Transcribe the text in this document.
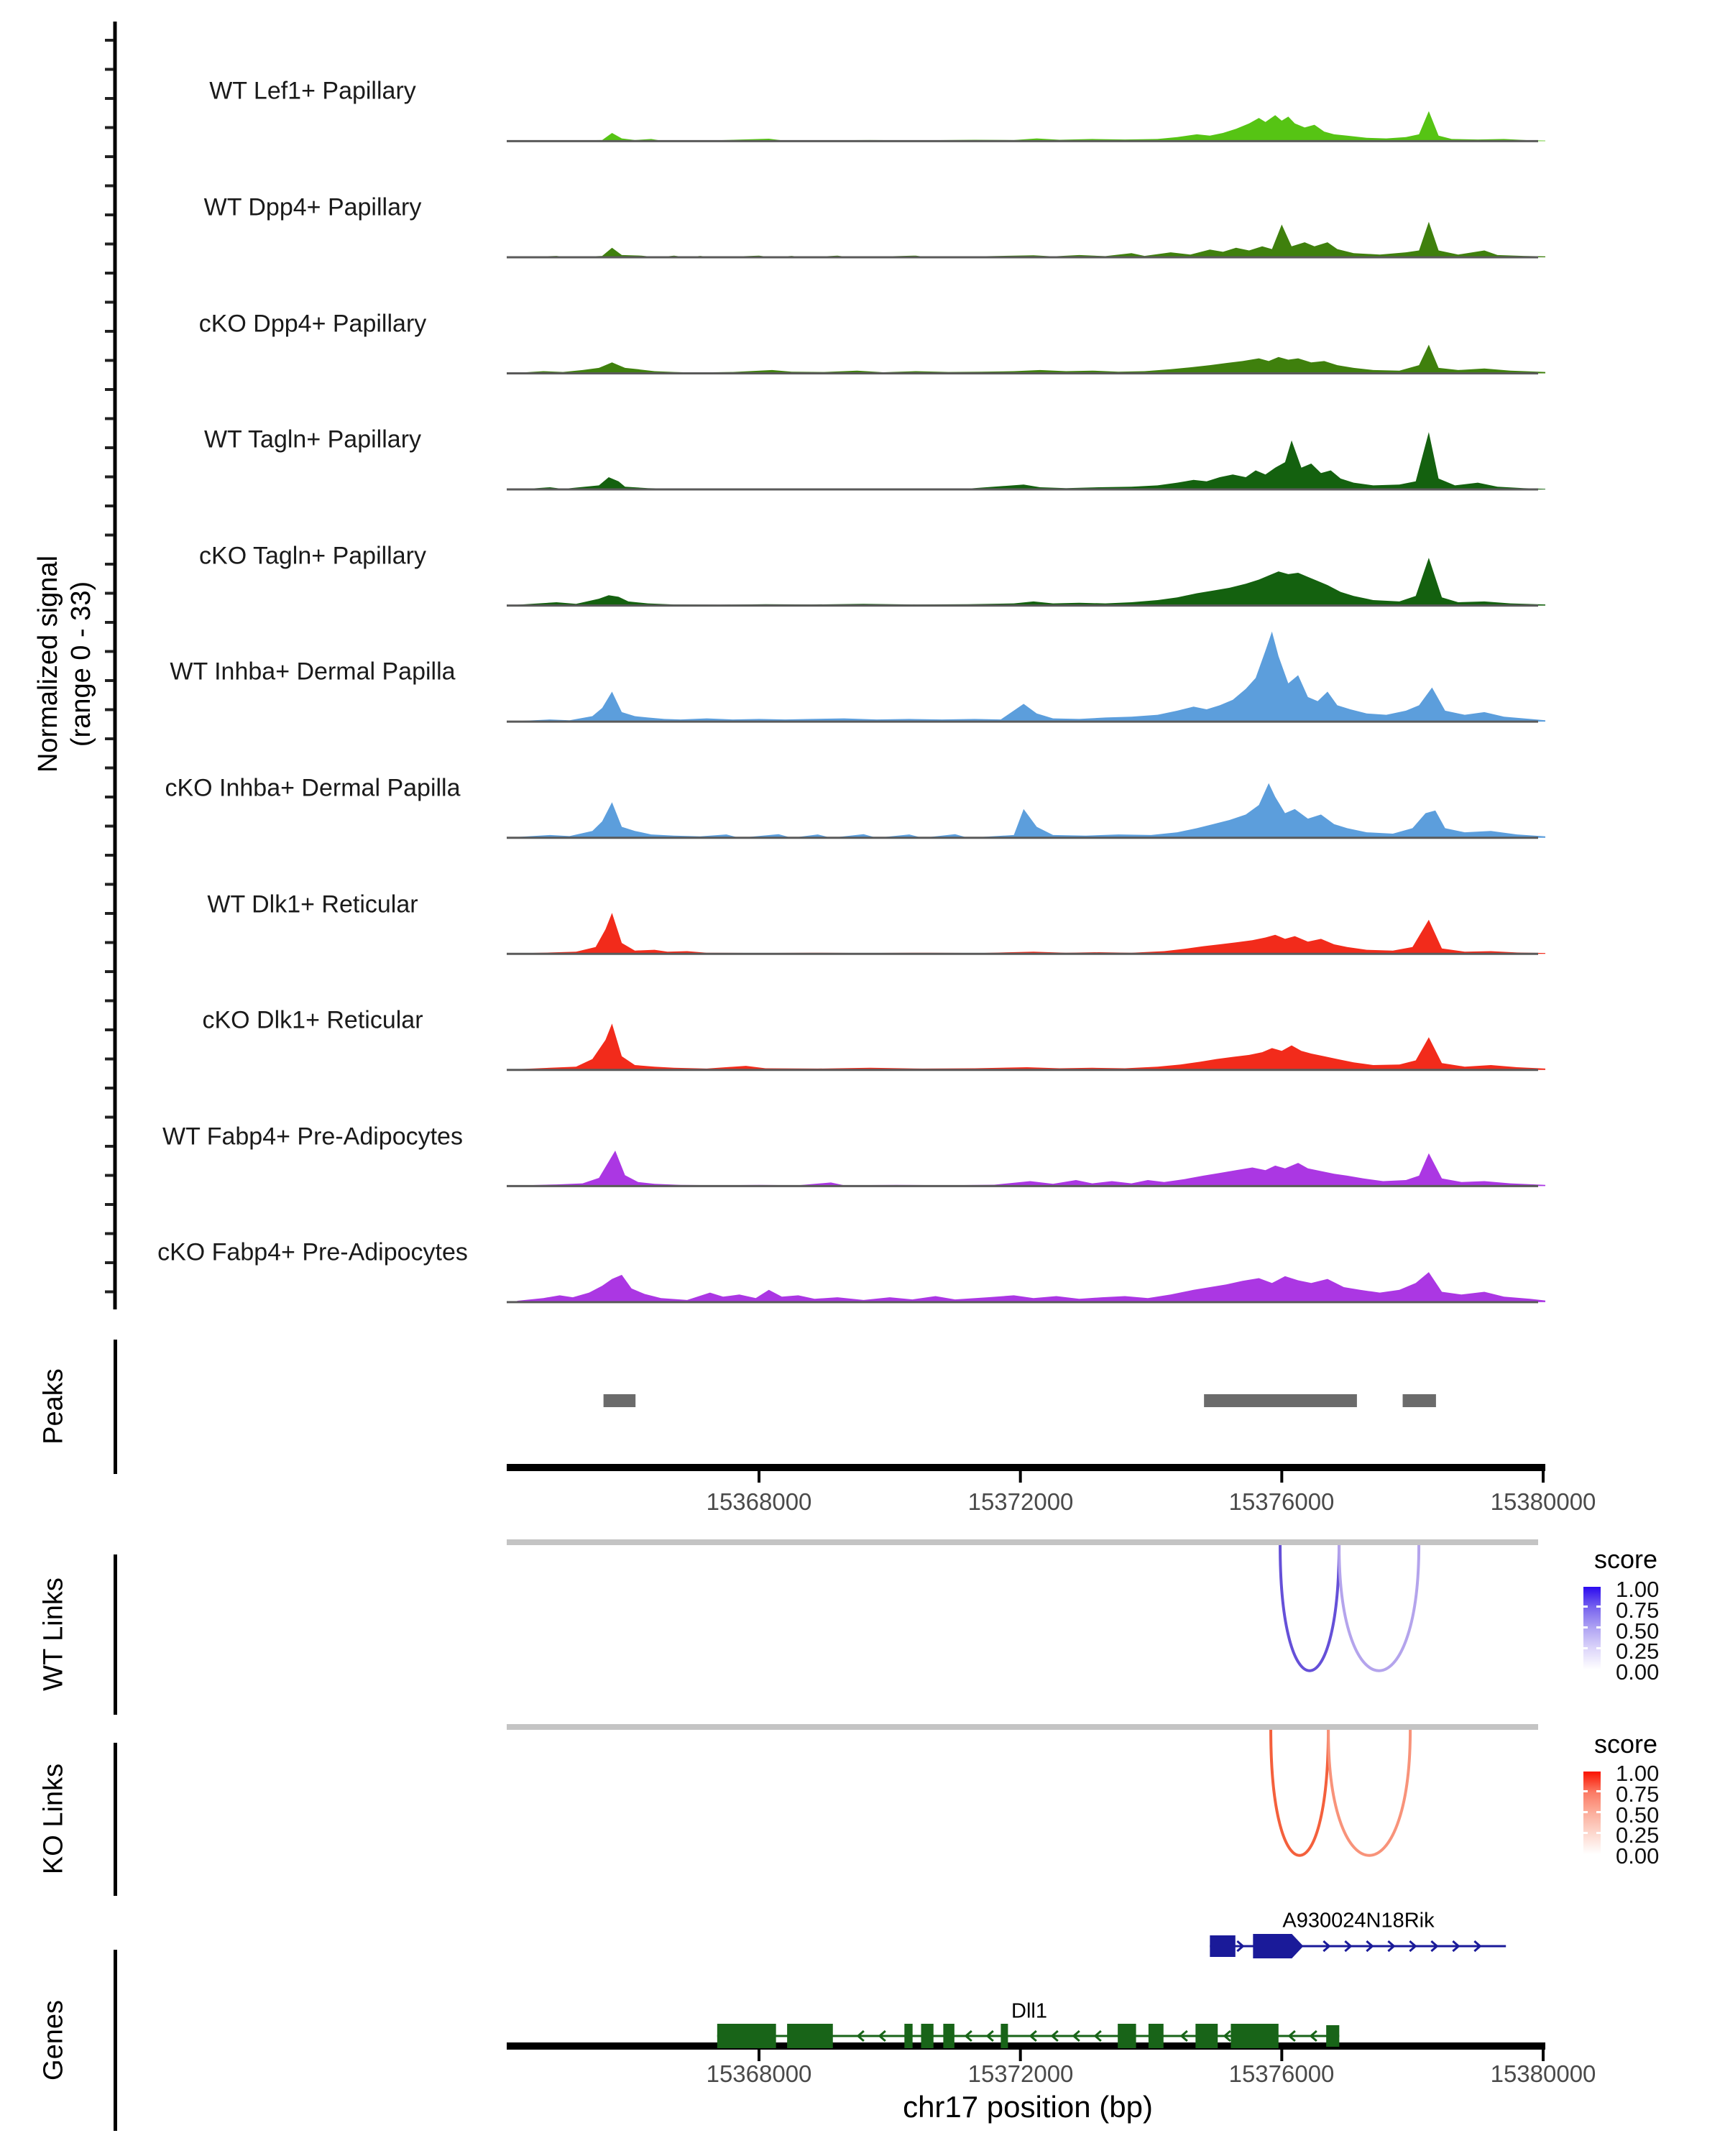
Normalized signal (range 0 - 33)
WT Lef1+ Papillary
WT Dpp4+ Papillary
cKO Dpp4+ Papillary
WT Tagln+ Papillary
cKO Tagln+ Papillary
WT Inhba+ Dermal Papilla
cKO Inhba+ Dermal Papilla
WT Dlk1+ Reticular
cKO Dlk1+ Reticular
WT Fabp4+ Pre-Adipocytes
cKO Fabp4+ Pre-Adipocytes
Peaks
WT Links
KO Links
Genes
15368000	15372000	15376000	15380000
score
1.00
0.75
0.50
0.25
0.00
score
1.00
0.75
0.50
0.25
0.00
A930024N18Rik
Dll1
15368000	15372000	15376000	15380000
chr17 position (bp)
